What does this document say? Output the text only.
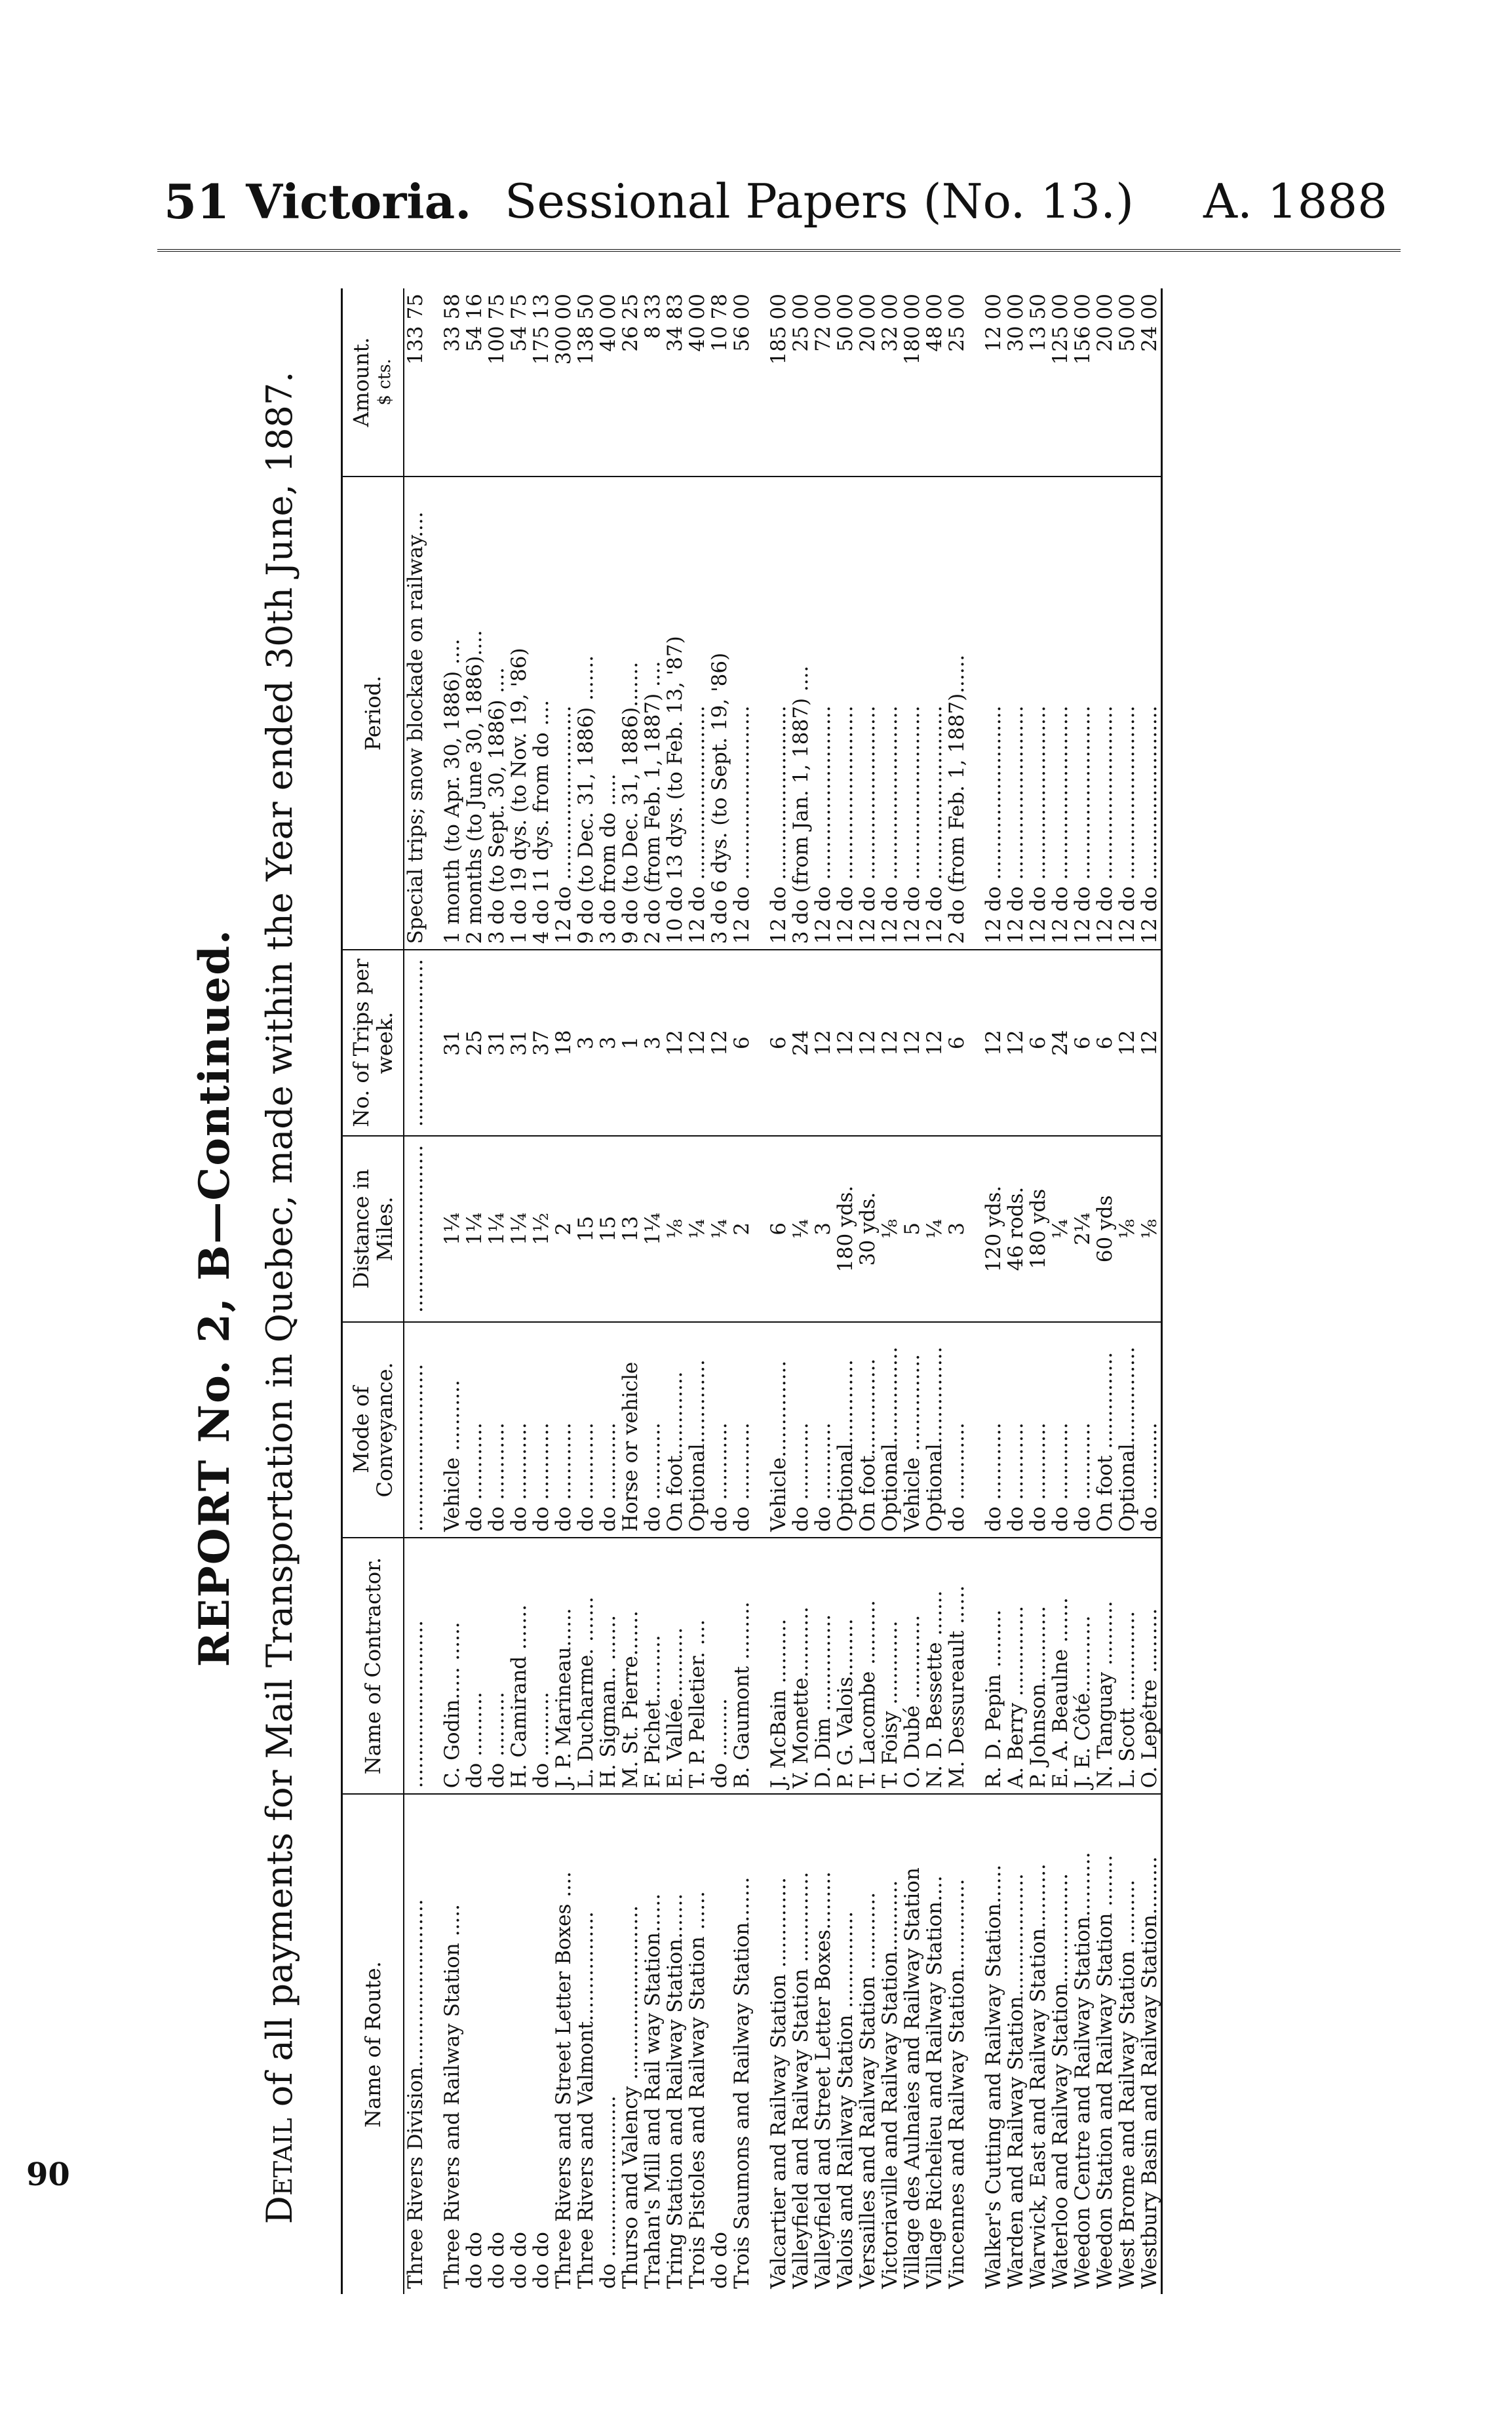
51 Victoria. Sessional Papers (No. 13.) A. 1888
REPORT No. 2, B—Continued.
Detail of all payments for Mail Transportation in Quebec, made within the Year ended 30th June, 1887.	Name of Route.	Name of Contractor.	Mode of Conveyance.	Distance in Miles.	No. of Trips per week.	Period.	Amount. $ cts.

Three Rivers Division..........................	..........................	..........................	..........................	..........................	Special trips; snow blockade on railway....	133 75

Three Rivers and Railway Station .....	C. Godin..... ......	Vehicle ...........	1¼	31	1 month (to Apr. 30, 1886) ....	33 58
do do	do ..........	do ............	1¼	25	2 months (to June 30, 1886)....	54 16
do do	do ..........	do ............	1¼	31	3 do (to Sept. 30, 1886) ....	100 75
do do	H. Camirand .......	do ............	1¼	31	1 do 19 dys. (to Nov. 19, '86)	54 75
do do	do ..........	do ............	1½	37	4 do 11 dys. from do ....	175 13
Three Rivers and Street Letter Boxes ....	J. P. Marineau......	do ............	2	18	12 do ...........................	300 00
Three Rivers and Valmont.................	L. Ducharme. .......	do ............	15	3	9 do (to Dec. 31, 1886) .......	138 50
do .........................	H. Sigman.. .......	do ............	15	3	3 do from do .....	40 00
Thurso and Valency ...........................	M. St. Pierre.......	Horse or vehicle	13	1	9 do (to Dec. 31, 1886).......	26 25
Trahan's Mill and Rail way Station......	F. Pichet..........	do ............	1¼	3	2 do (from Feb. 1, 1887) ....	8 33
Tring Station and Railway Station.......	E. Vallée...........	On foot.............	⅛	12	10 do 13 dys. (to Feb. 13, '87)	34 83
Trois Pistoles and Railway Station ......	T. P. Pelletier. ....	Optional.............	¼	12	12 do ...........................	40 00
do do	do .........	do ............	¼	12	3 do 6 dys. (to Sept. 19, '86)	10 78
Trois Saumons and Railway Station.......	B. Gaumont .........	do ............	2	6	12 do ...........................	56 00

Valcartier and Railway Station ..............	J. McBain ..........	Vehicle...............	6	6	12 do ...........................	185 00
Valleyfield and Railway Station ..............	V. Monette...........	do ............	¼	24	3 do (from Jan. 1, 1887) ....	25 00
Valleyfield and Street Letter Boxes.........	D. Dim ...............	do ............	3	12	12 do ...........................	72 00
Valois and Railway Station ...............	P. G. Valois.........	Optional.............	180 yds.	12	12 do ...........................	50 00
Versailles and Railway Station ............	T. Lacombe ..........	On foot...............	30 yds.	12	12 do ...........................	20 00
Victoriaville and Railway Station...........	T. Foisy .............	Optional...............	⅛	12	12 do ...........................	32 00
Village des Aulnaies and Railway Station	O. Dubé .............	Vehicle ...............	5	12	12 do ...........................	180 00
Village Richelieu and Railway Station....	N. D. Bessette .......	Optional...............	¼	12	12 do ...........................	48 00
Vincennes and Railway Station..............	M. Dessureault ......	do ............	3	6	2 do (from Feb. 1, 1887)......	25 00

Walker's Cutting and Railway Station......	R. D. Pepin .........	do ............	120 yds.	12	12 do ...........................	12 00
Warden and Railway Station...................	A. Berry ..............	do ............	46 rods.	12	12 do ...........................	30 00
Warwick, East and Railway Station..........	P. Johnson............	do ............	180 yds	6	12 do ...........................	13 50
Waterloo and Railway Station.................	E. A. Beaulne .......	do ............	¼	24	12 do ...........................	125 00
Weedon Centre and Railway Station..........	J. E. Côté............	do ............	2¼	6	12 do ...........................	156 00
Weedon Station and Railway Station ........	N. Tanguay ..........	On foot ...............	60 yds	6	12 do ...........................	20 00
West Brome and Railway Station ..........	L. Scott ..............	Optional...............	⅛	12	12 do ...........................	50 00
Westbury Basin and Railway Station.........	O. Lepêtre ..........	do ............	⅛	12	12 do ...........................	24 00
90
